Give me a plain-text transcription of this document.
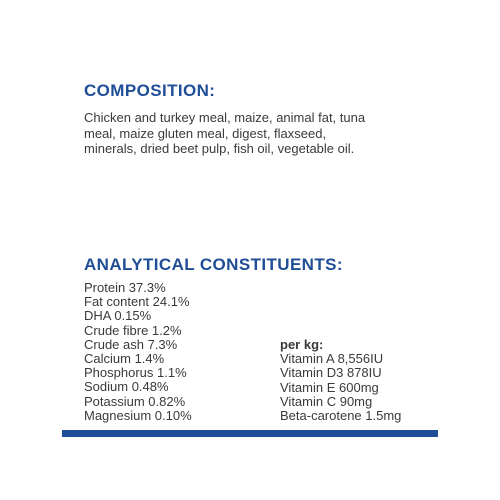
COMPOSITION:
Chicken and turkey meal, maize, animal fat, tuna
meal, maize gluten meal, digest, flaxseed,
minerals, dried beet pulp, fish oil, vegetable oil.
ANALYTICAL CONSTITUENTS:
Protein 37.3%
Fat content 24.1%
DHA 0.15%
Crude fibre 1.2%
Crude ash 7.3%
Calcium 1.4%
Phosphorus 1.1%
Sodium 0.48%
Potassium 0.82%
Magnesium 0.10%
per kg:
Vitamin A 8,556IU
Vitamin D3 878IU
Vitamin E 600mg
Vitamin C 90mg
Beta-carotene 1.5mg
